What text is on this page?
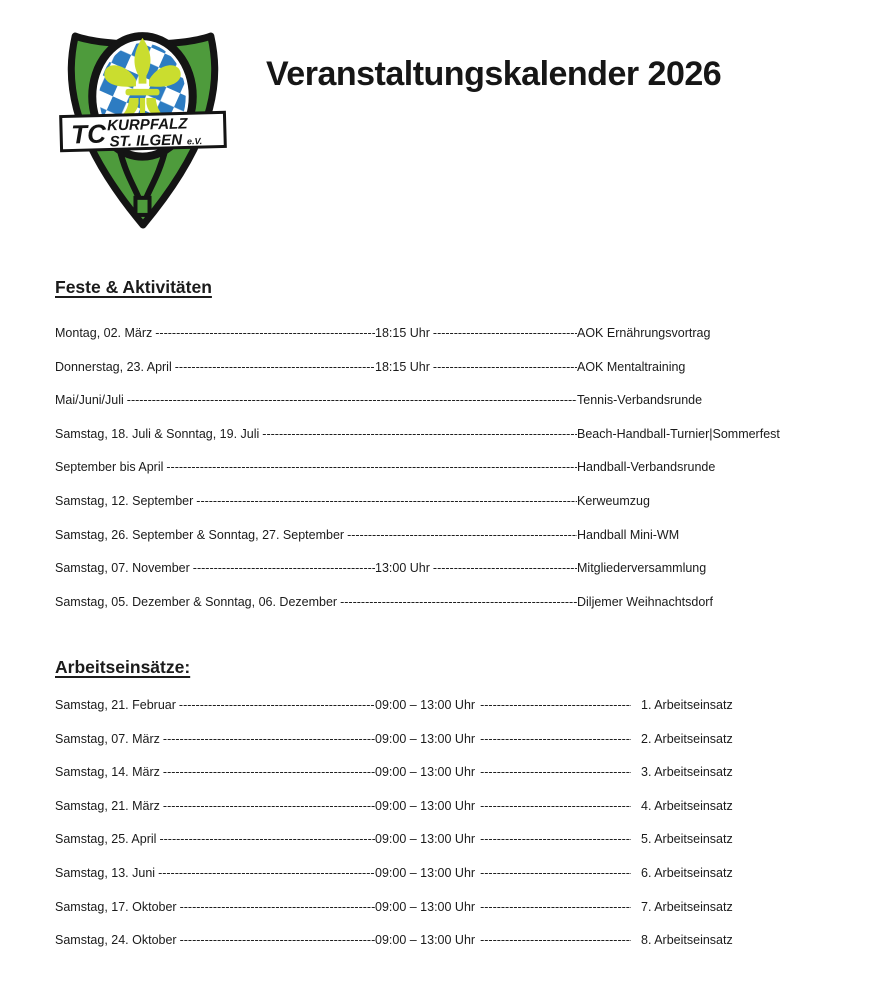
TC KURPFALZ
ST. ILGEN e.V.
Veranstaltungskalender 2026
Feste & Aktivitäten
Montag, 02. März -----	18:15 Uhr -----	AOK Ernährungsvortrag
Donnerstag, 23. April -----	18:15 Uhr -----	AOK Mentaltraining
Mai/Juni/Juli -----	Tennis-Verbandsrunde
Samstag, 18. Juli & Sonntag, 19. Juli -----	Beach-Handball-Turnier|Sommerfest
September bis April -----	Handball-Verbandsrunde
Samstag, 12. September -----	Kerweumzug
Samstag, 26. September & Sonntag, 27. September -----	Handball Mini-WM
Samstag, 07. November -----	13:00 Uhr -----	Mitgliederversammlung
Samstag, 05. Dezember & Sonntag, 06. Dezember -----	Diljemer Weihnachtsdorf
Arbeitseinsätze:
Samstag, 21. Februar -----	09:00 – 13:00 Uhr -----	1. Arbeitseinsatz
Samstag, 07. März -----	09:00 – 13:00 Uhr -----	2. Arbeitseinsatz
Samstag, 14. März -----	09:00 – 13:00 Uhr -----	3. Arbeitseinsatz
Samstag, 21. März -----	09:00 – 13:00 Uhr -----	4. Arbeitseinsatz
Samstag, 25. April -----	09:00 – 13:00 Uhr -----	5. Arbeitseinsatz
Samstag, 13. Juni -----	09:00 – 13:00 Uhr -----	6. Arbeitseinsatz
Samstag, 17. Oktober -----	09:00 – 13:00 Uhr -----	7. Arbeitseinsatz
Samstag, 24. Oktober -----	09:00 – 13:00 Uhr -----	8. Arbeitseinsatz
